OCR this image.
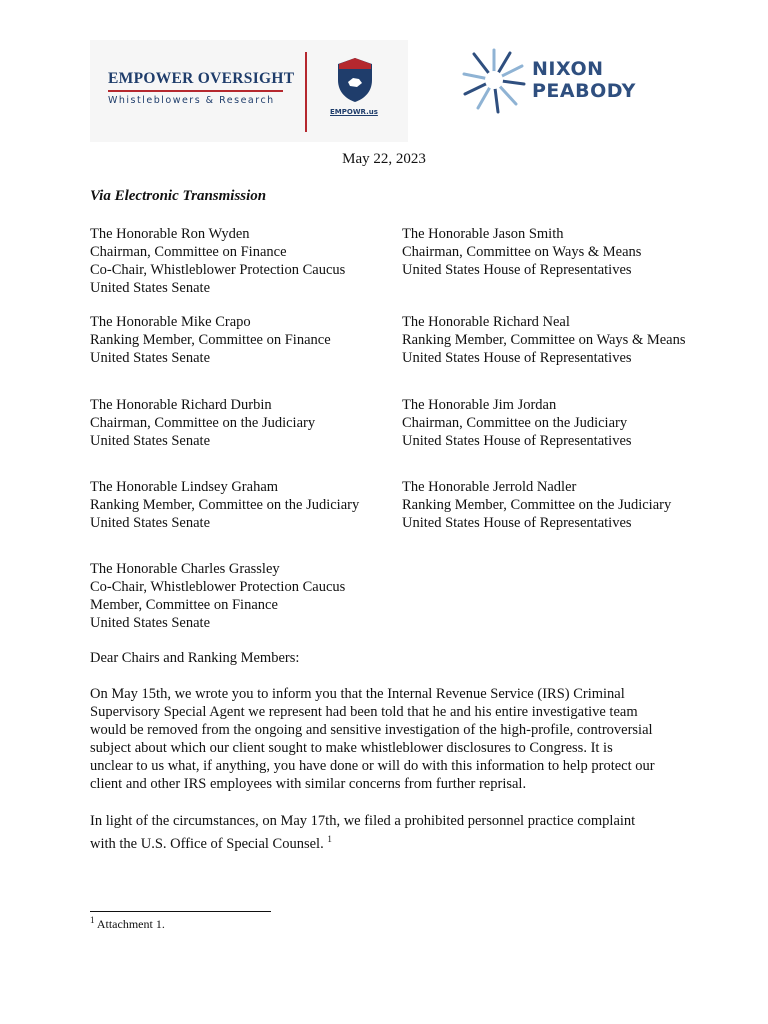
EMPOWER OVERSIGHT
Whistleblowers & Research
EMPOWR.us
NIXON
PEABODY
May 22, 2023
Via Electronic Transmission
The Honorable Ron Wyden
Chairman, Committee on Finance
Co-Chair, Whistleblower Protection Caucus
United States Senate
The Honorable Mike Crapo
Ranking Member, Committee on Finance
United States Senate
The Honorable Richard Durbin
Chairman, Committee on the Judiciary
United States Senate
The Honorable Lindsey Graham
Ranking Member, Committee on the Judiciary
United States Senate
The Honorable Charles Grassley
Co-Chair, Whistleblower Protection Caucus
Member, Committee on Finance
United States Senate
The Honorable Jason Smith
Chairman, Committee on Ways & Means
United States House of Representatives
The Honorable Richard Neal
Ranking Member, Committee on Ways & Means
United States House of Representatives
The Honorable Jim Jordan
Chairman, Committee on the Judiciary
United States House of Representatives
The Honorable Jerrold Nadler
Ranking Member, Committee on the Judiciary
United States House of Representatives
Dear Chairs and Ranking Members:
On May 15th, we wrote you to inform you that the Internal Revenue Service (IRS) Criminal
Supervisory Special Agent we represent had been told that he and his entire investigative team
would be removed from the ongoing and sensitive investigation of the high-profile, controversial
subject about which our client sought to make whistleblower disclosures to Congress. It is
unclear to us what, if anything, you have done or will do with this information to help protect our
client and other IRS employees with similar concerns from further reprisal.
In light of the circumstances, on May 17th, we filed a prohibited personnel practice complaint
with the U.S. Office of Special Counsel. $^1$
$^1$ Attachment 1.
